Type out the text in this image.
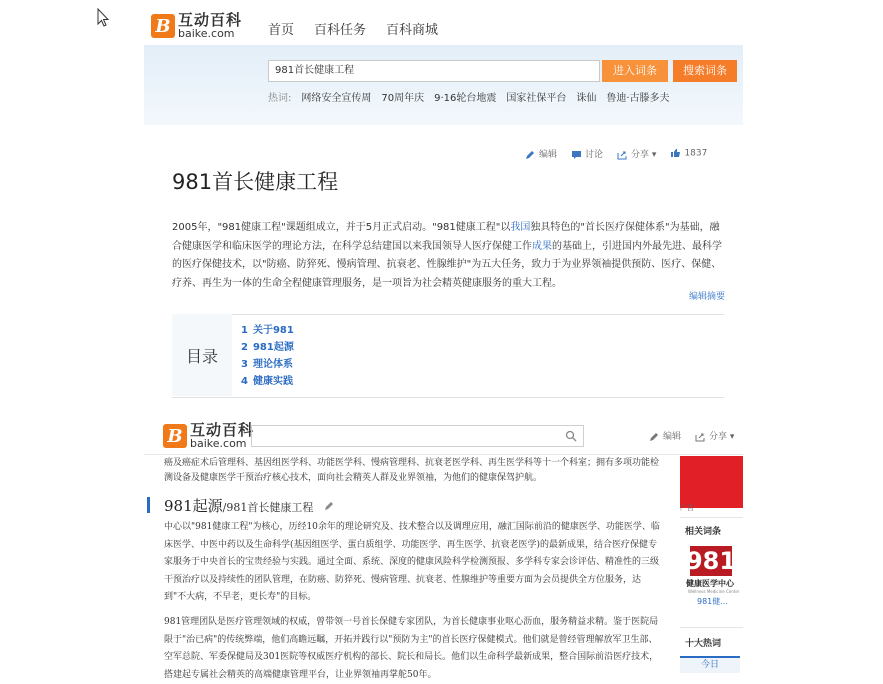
B 互动百科
baike.com	首页 百科任务 百科商城
981首长健康工程	进入词条	搜索词条
热词: 网络安全宣传周 70周年庆 9·16轮台地震 国家社保平台 诛仙 鲁迪·古滕多夫
编辑	讨论	分享 ▾	1837
981首长健康工程
2005年，"981健康工程"课题组成立，并于5月正式启动。"981健康工程"以我国独具特色的"首长医疗保健体系"为基础，融合健康医学和临床医学的理论方法，在科学总结建国以来我国领导人医疗保健工作成果的基础上，引进国内外最先进、最科学的医疗保健技术，以"防癌、防猝死、慢病管理、抗衰老、性腺维护"为五大任务，致力于为业界领袖提供预防、医疗、保健、疗养、再生为一体的生命全程健康管理服务，是一项旨为社会精英健康服务的重大工程。
编辑摘要
目录
1 关于981
2 981起源
3 理论体系
4 健康实践
B 互动百科
baike.com	编辑	分享 ▾
癌及癌症术后管理科、基因组医学科、功能医学科、慢病管理科、抗衰老医学科、再生医学科等十一个科室；拥有多项功能检测设备及健康医学干预治疗核心技术，面向社会精英人群及业界领袖，为他们的健康保驾护航。
981起源/981首长健康工程
中心以"981健康工程"为核心，历经10余年的理论研究及、技术整合以及调理应用，融汇国际前沿的健康医学、功能医学、临床医学、中医中药以及生命科学(基因组医学、蛋白质组学、功能医学、再生医学、抗衰老医学)的最新成果，结合医疗保健专家服务于中央首长的宝贵经验与实践。通过全面、系统、深度的健康风险科学检测预报、多学科专家会诊评估、精准性的三级干预治疗以及持续性的团队管理，在防癌、防猝死、慢病管理、抗衰老、性腺维护等重要方面为会员提供全方位服务，达到"不大病，不早老，更长寿"的目标。
981管理团队是医疗管理领域的权威，曾带领一号首长保健专家团队，为首长健康事业呕心沥血，服务精益求精。鉴于医院局限于"治已病"的传统弊端，他们高瞻远瞩，开拓并践行以"预防为主"的首长医疗保健模式。他们就是曾经管理解放军卫生部、空军总院、军委保健局及301医院等权威医疗机构的部长、院长和局长。他们以生命科学最新成果，整合国际前沿医疗技术，搭建起专属社会精英的高端健康管理平台，让业界领袖再掌舵50年。
广告
相关词条
981
健康医学中心
Wellness Medicine Center
981健...
十大热词
今日
